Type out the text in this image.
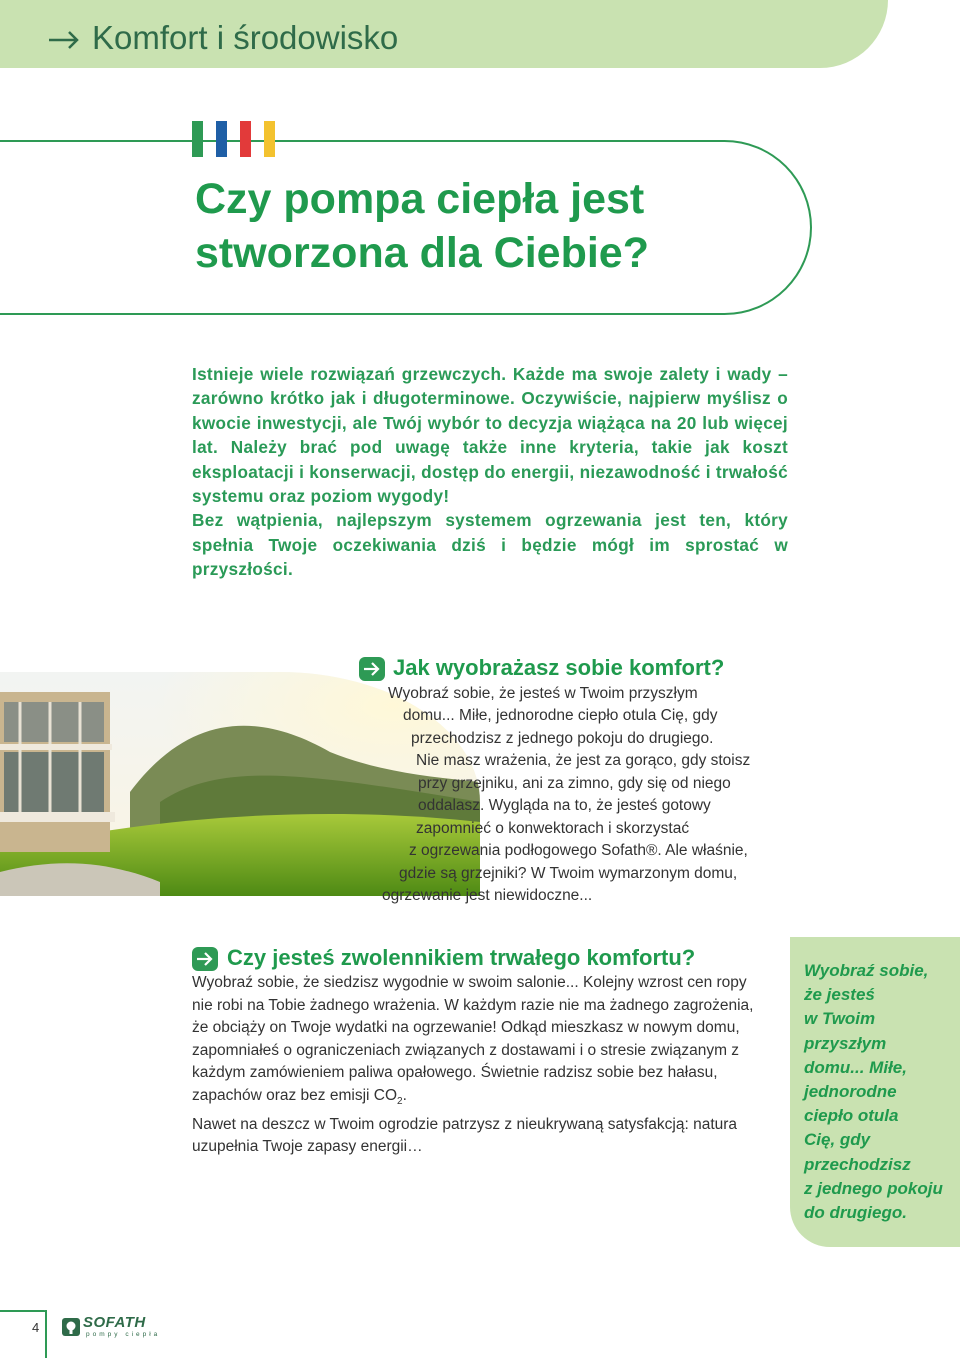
Komfort i środowisko
Czy pompa ciepła jest
stworzona dla Ciebie?

Istnieje wiele rozwiązań grzewczych. Każde ma swoje zalety i wady – zarówno krótko jak i długoterminowe. Oczywiście, najpierw myślisz o kwocie inwestycji, ale Twój wybór to decyzja wiążąca na 20 lub więcej lat. Należy brać pod uwagę także inne kryteria, takie jak koszt eksploatacji i konserwacji, dostęp do energii, niezawodność i trwałość systemu oraz poziom wygody!

Bez wątpienia, najlepszym systemem ogrzewania jest ten, który spełnia Twoje oczekiwania dziś i będzie mógł im sprostać w przyszłości.

Jak wyobrażasz sobie komfort?
Wyobraź sobie, że jesteś w Twoim przyszłym
domu... Miłe, jednorodne ciepło otula Cię, gdy
przechodzisz z jednego pokoju do drugiego.
Nie masz wrażenia, że jest za gorąco, gdy stoisz
przy grzejniku, ani za zimno, gdy się od niego
oddalasz. Wygląda na to, że jesteś gotowy
zapomnieć o konwektorach i skorzystać
z ogrzewania podłogowego Sofath®. Ale właśnie,
gdzie są grzejniki? W Twoim wymarzonym domu,
ogrzewanie jest niewidoczne...
Czy jesteś zwolennikiem trwałego komfortu?

Wyobraź sobie, że siedzisz wygodnie w swoim salonie... Kolejny wzrost cen ropy nie robi na Tobie żadnego wrażenia. W każdym razie nie ma żadnego zagrożenia, że obciąży on Twoje wydatki na ogrzewanie! Odkąd mieszkasz w nowym domu, zapomniałeś o ograniczeniach związanych z dostawami i o stresie związanym z każdym zamówieniem paliwa opałowego. Świetnie radzisz sobie bez hałasu, zapachów oraz bez emisji $CO_2$.

Nawet na deszcz w Twoim ogrodzie patrzysz z nieukrywaną satysfakcją: natura uzupełnia Twoje zapasy energii…

Wyobraź sobie,
że jesteś
w Twoim
przyszłym
domu... Miłe,
jednorodne
ciepło otula
Cię, gdy
przechodzisz
z jednego pokoju
do drugiego.
4	SOFATH
pompy ciepła
